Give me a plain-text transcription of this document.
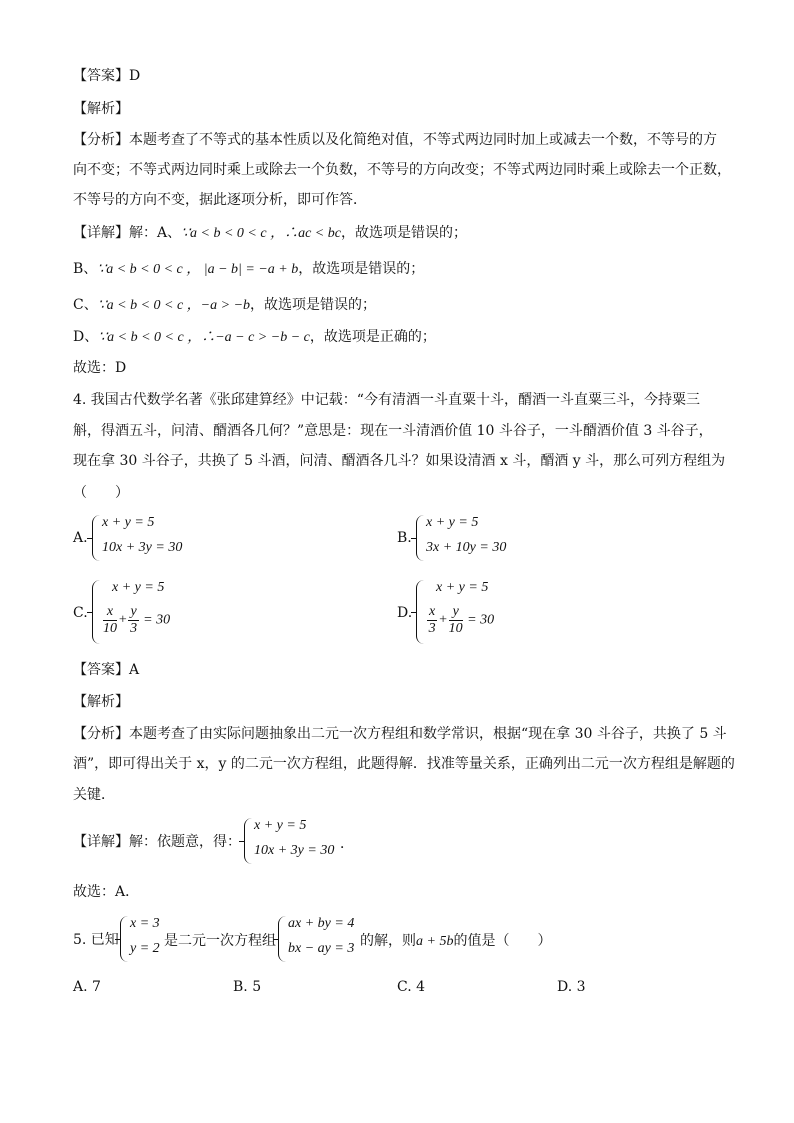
【答案】D
【解析】
【分析】本题考查了不等式的基本性质以及化简绝对值，不等式两边同时加上或减去一个数，不等号的方
向不变；不等式两边同时乘上或除去一个负数，不等号的方向改变；不等式两边同时乘上或除去一个正数，
不等号的方向不变，据此逐项分析，即可作答．
【详解】解：A、∵a < b < 0 < c ，∴ac < bc，故选项是错误的；
B、∵a < b < 0 < c ， |a − b| = −a + b，故选项是错误的；
C、∵a < b < 0 < c ，−a > −b，故选项是错误的；
D、∵a < b < 0 < c ，∴−a − c > −b − c，故选项是正确的；
故选：D
4. 我国古代数学名著《张邱建算经》中记载：“今有清酒一斗直粟十斗，醑酒一斗直粟三斗，今持粟三
斛，得酒五斗，问清、醑酒各几何？”意思是：现在一斗清酒价值 10 斗谷子，一斗醑酒价值 3 斗谷子，
现在拿 30 斗谷子，共换了 5 斗酒，问清、醑酒各几斗？如果设清酒 x 斗，醑酒 y 斗，那么可列方程组为
（　　）
A.
x + y = 5
10x + 3y = 30
B.
x + y = 5
3x + 10y = 30
C.
x + y = 5
$\frac{x}{10} + \frac{y}{3} = 30$	D.
x + y = 5
$\frac{x}{3} + \frac{y}{10} = 30$
【答案】A
【解析】
【分析】本题考查了由实际问题抽象出二元一次方程组和数学常识，根据“现在拿 30 斗谷子，共换了 5 斗
酒”，即可得出关于 x，y 的二元一次方程组，此题得解．找准等量关系，正确列出二元一次方程组是解题的
关键．
【详解】解：依题意，得：
x + y = 5
10x + 3y = 30 ．
故选：A．
5. 已知
x = 3
y = 2 是二元一次方程组
ax + by = 4
bx − ay = 3 的解，则a + 5b的值是（　　）
A. 7	B. 5	C. 4	D. 3
